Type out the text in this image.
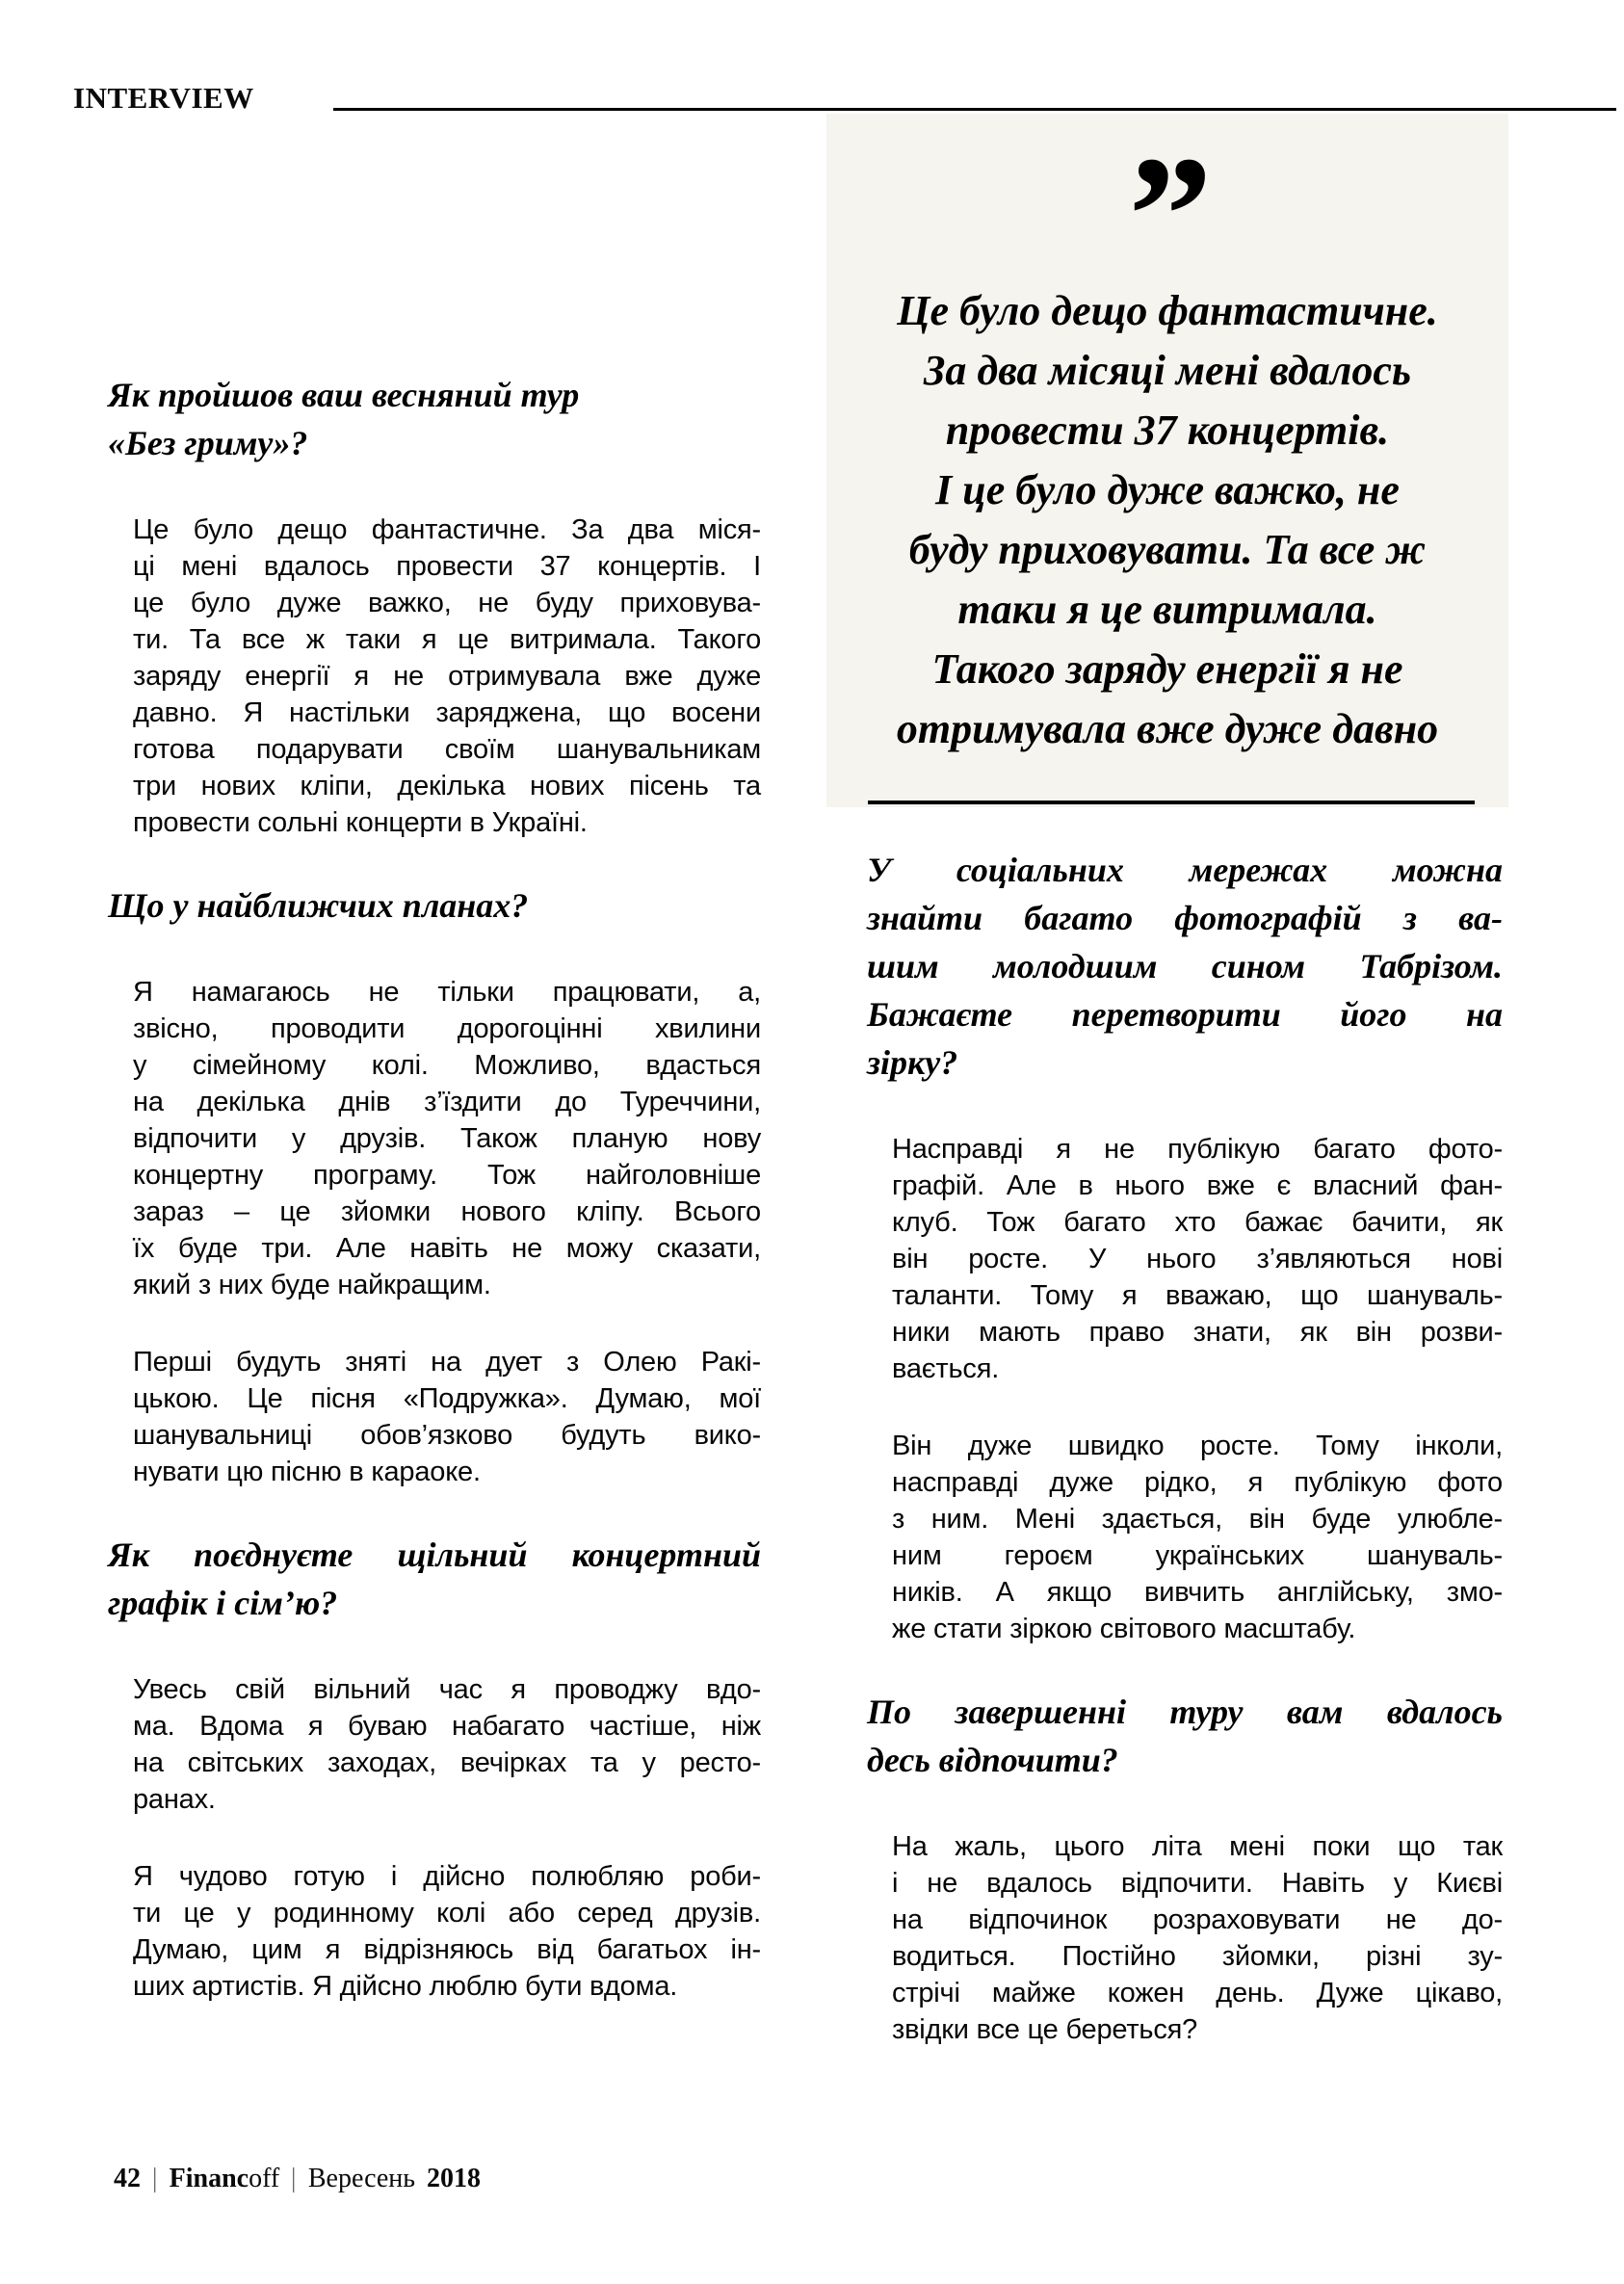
INTERVIEW
”
Це було дещо фантастичне.
За два місяці мені вдалось
провести 37 концертів.
І це було дуже важко, не
буду приховувати. Та все ж
таки я це витримала.
Такого заряду енергії я не
отримувала вже дуже давно
Як пройшов ваш весняний тур
«Без гриму»?
Це було дещо фантастичне. За два міся-
ці мені вдалось провести 37 концертів. І
це було дуже важко, не буду приховува-
ти. Та все ж таки я це витримала. Такого
заряду енергії я не отримувала вже дуже
давно. Я настільки заряджена, що восени
готова подарувати своїм шанувальникам
три нових кліпи, декілька нових пісень та
провести сольні концерти в Україні.
Що у найближчих планах?
Я намагаюсь не тільки працювати, а,
звісно, проводити дорогоцінні хвилини
у сімейному колі. Можливо, вдасться
на декілька днів з’їздити до Туреччини,
відпочити у друзів. Також планую нову
концертну програму. Тож найголовніше
зараз – це зйомки нового кліпу. Всього
їх буде три. Але навіть не можу сказати,
який з них буде найкращим.
Перші будуть зняті на дует з Олею Ракі-
цькою. Це пісня «Подружка». Думаю, мої
шанувальниці обов’язково будуть вико-
нувати цю пісню в караоке.
Як поєднуєте щільний концертний
графік і сім’ю?
Увесь свій вільний час я проводжу вдо-
ма. Вдома я буваю набагато частіше, ніж
на світських заходах, вечірках та у ресто-
ранах.
Я чудово готую і дійсно полюбляю роби-
ти це у родинному колі або серед друзів.
Думаю, цим я відрізняюсь від багатьох ін-
ших артистів. Я дійсно люблю бути вдома.
У соціальних мережах можна
знайти багато фотографій з ва-
шим молодшим сином Табрізом.
Бажаєте перетворити його на
зірку?
Насправді я не публікую багато фото-
графій. Але в нього вже є власний фан-
клуб. Тож багато хто бажає бачити, як
він росте. У нього з’являються нові
таланти. Тому я вважаю, що шануваль-
ники мають право знати, як він розви-
вається.
Він дуже швидко росте. Тому інколи,
насправді дуже рідко, я публікую фото
з ним. Мені здається, він буде улюбле-
ним героєм українських шануваль-
ників. А якщо вивчить англійську, змо-
же стати зіркою світового масштабу.
По завершенні туру вам вдалось
десь відпочити?
На жаль, цього літа мені поки що так
і не вдалось відпочити. Навіть у Києві
на відпочинок розраховувати не до-
водиться. Постійно зйомки, різні зу-
стрічі майже кожен день. Дуже цікаво,
звідки все це береться?
42 | Financ off | Вересень 2018
